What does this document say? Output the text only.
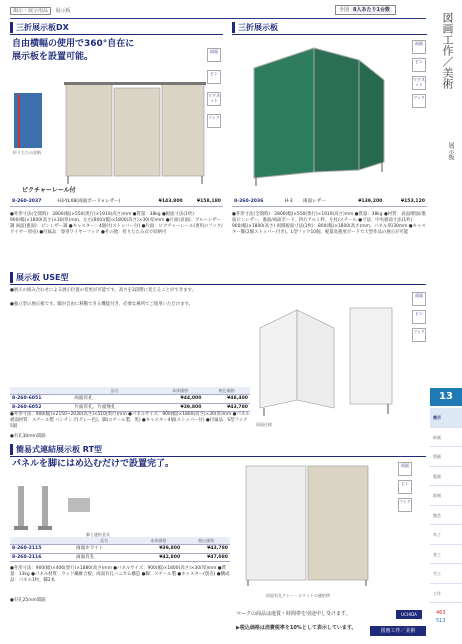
掲示・展示用品 展示板	全国 8人あたり1台数
三折展示板DX
自由横幅の使用で360°自在に
展示板を設置可能。
折りたたみ収納
ピクチャーレール付
両面
ピン
マグネット
フック
8-260-2037	H3-YLX8(両面ボード×レザー)	¥143,800	¥158,180
●外形寸法(全開時)：2800(幅)×550(奥行)×1910(高さ)mm ●質量：38kg ●板面寸法(1枚)：900(幅)×1800(高さ)×30(厚)mm、左右(800)(幅)×1800(高さ)×30(厚)mm ●片面(表面)：ブルーレザー調 両面(裏面)：ピンレザー調 ●キャスター：4個付(ストッパー付) ●片面：ピクチャーレール(専用のフック/ワイヤー別売) ●付属品：専用ワイヤーフック ●その他：折りたたみ式で収納可
三折展示板
両面
ピン
マグネット
フック
8-260-2036	H-3	両面レザー	¥139,200	¥153,120
●外形寸法(全開時)：2800(幅)×550(奥行)×1910(高さ)mm ●質量：38kg ●材質：表面/側面/裏面ピンレザー、裏面/両面ボード、四方アルミ枠、左柱/スチール ●寸法：中央板面寸法(1枚)：900(幅)×1800(高さ) 両側板面寸法(1枚)：800(幅)×1800(高さ)mm、パネル厚/30mm ●キャスター脚(2個ストッパー付き)、L型フック10個、軽量高強度ボードで大型作品の展示が可能
展示板 USE型
●展示の組み合わせによる展示位置の変更が可能です。高さを2段階に変えることができます。
●独立型の展示板です。脚が自由に移動できる機能付き、必要な場所でご使用いただけます。
両面仕様
両面
ピン
フック
	品名	本体価格	税込価格
8-260-6051	両面有孔	¥44,000	¥48,400
8-260-6052	片面有孔、片面無孔	¥39,800	¥43,780
●外形寸法：900(幅)×2150~2030(高さ)×510(奥行)mm ●パネルサイズ：900(幅)×1800(高さ)×30(厚)mm ●パネル板面材質：スチール製 パンチング(グレー色)、脚(スチール製、黒) ●キャスター4個(ストッパー付) ●付属品：S型フック5個
●有孔30mm間隔
簡易式連結展示板 RT型
パネルを脚にはめ込むだけで設置完了。
脚と連結金具
両面有孔グレー・ホワイトの連結例
両面
ピン
フック
	品名	本体価格	税込価格
8-260-2115	両面ホワイト	¥39,800	¥43,780
8-260-2116	両面有孔	¥42,800	¥47,080
●外形寸法：900(幅)×406(奥行)×1880(高さ)mm ●パネルサイズ：900(幅)×1800(高さ)×30(厚)mm ●質量：13kg ●パネル材質：ウッド繊維合板、両面有孔ハニカム構造 ●脚：スチール製 ●キャスター(別売) ●構成品：パネル1枚、脚2本
●有孔25mm間隔
図画工作／美術
展示板
13
展示
絵画
図画
版画
彫刻
陶芸
木工
金工
竹工
工作
463
513
マークの商品は運賃・時間帯を別途申し受けます。
▶税込価格は消費税率を10%として表示しています。
UCHIDA
図画工作／美術
